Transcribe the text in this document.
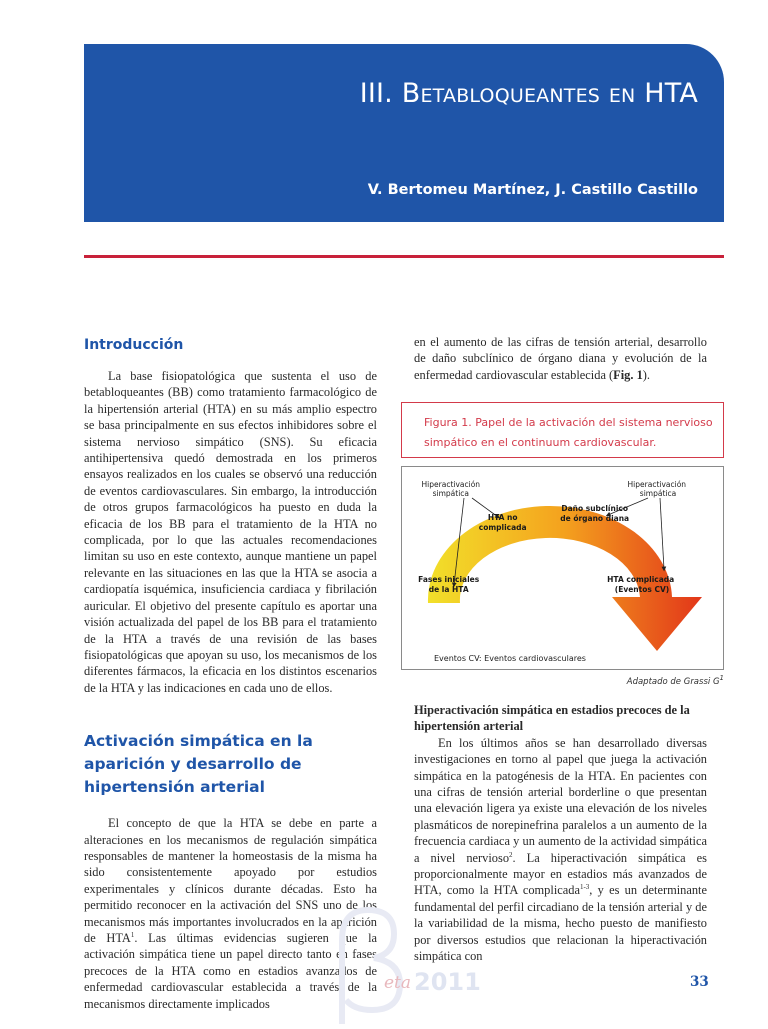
III. Betabloqueantes en HTA

V. Bertomeu Martínez, J. Castillo Castillo

Introducción

La base fisiopatológica que sustenta el uso de betabloqueantes (BB) como tratamiento farmacológico de la hipertensión arterial (HTA) en su más amplio espectro se basa principalmente en sus efectos inhibidores sobre el sistema nervioso simpático (SNS). Su eficacia antihipertensiva quedó demostrada en los primeros ensayos realizados en los cuales se observó una reducción de eventos cardiovasculares. Sin embargo, la introducción de otros grupos farmacológicos ha puesto en duda la eficacia de los BB para el tratamiento de la HTA no complicada, por lo que las actuales recomendaciones limitan su uso en este contexto, aunque mantiene un papel relevante en las situaciones en las que la HTA se asocia a cardiopatía isquémica, insuficiencia cardiaca y fibrilación auricular. El objetivo del presente capítulo es aportar una visión actualizada del papel de los BB para el tratamiento de la HTA a través de una revisión de las bases fisiopatológicas que apoyan su uso, los mecanismos de los diferentes fármacos, la eficacia en los distintos escenarios de la HTA y las indicaciones en cada uno de ellos.

Activación simpática en la aparición y desarrollo de hipertensión arterial

El concepto de que la HTA se debe en parte a alteraciones en los mecanismos de regulación simpática responsables de mantener la homeostasis de la misma ha sido consistentemente apoyado por estudios experimentales y clínicos durante décadas. Esto ha permitido reconocer en la activación del SNS uno de los mecanismos más importantes involucrados en la aparición de HTA$^1$. Las últimas evidencias sugieren que la activación simpática tiene un papel directo tanto en fases precoces de la HTA como en estadios avanzados de enfermedad cardiovascular establecida a través de la mecanismos directamente implicados

en el aumento de las cifras de tensión arterial, desarrollo de daño subclínico de órgano diana y evolución de la enfermedad cardiovascular establecida (Fig. 1).

Figura 1. Papel de la activación del sistema nervioso simpático en el continuum cardiovascular.
Hiperactivación simpática Hiperactivación simpática
HTA no complicada Daño subclínico de órgano diana Fases iniciales de la HTA HTA complicada (Eventos CV)
Eventos CV: Eventos cardiovasculares
Adaptado de Grassi $G^1$

Hiperactivación simpática en estadios precoces de la hipertensión arterial

En los últimos años se han desarrollado diversas investigaciones en torno al papel que juega la activación simpática en la patogénesis de la HTA. En pacientes con una cifras de tensión arterial borderline o que presentan una elevación ligera ya existe una elevación de los niveles plasmáticos de norepinefrina paralelos a un aumento de la frecuencia cardiaca y un aumento de la actividad simpática a nivel nervioso$^2$. La hiperactivación simpática es proporcionalmente mayor en estadios más avanzados de HTA, como la HTA complicada$^{1-3}$, y es un determinante fundamental del perfil circadiano de la tensión arterial y de la variabilidad de la misma, hecho puesto de manifiesto por diversos estudios que relacionan la hiperactivación simpática con

eta 2011	33
